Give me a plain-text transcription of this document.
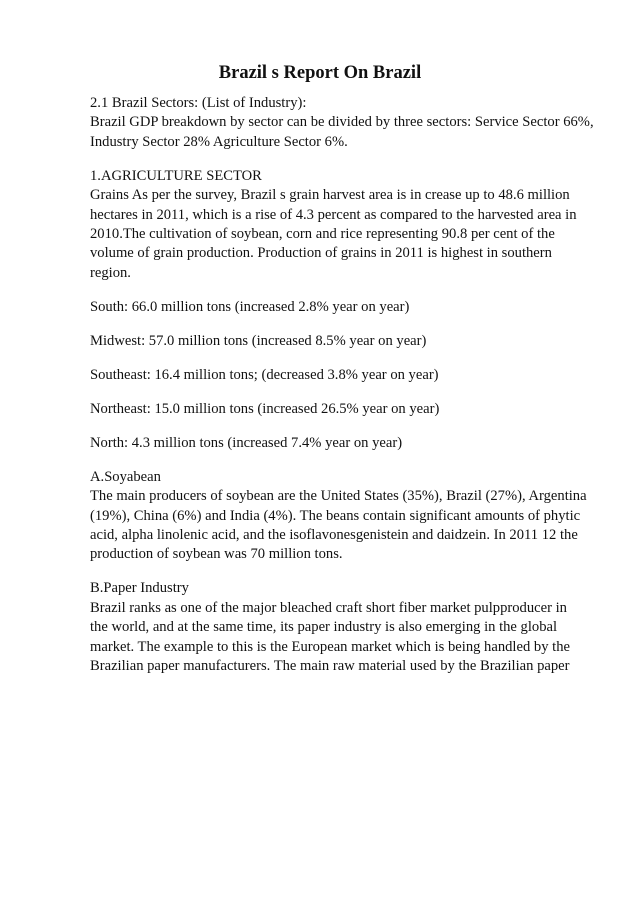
Brazil s Report On Brazil

2.1 Brazil Sectors: (List of Industry):

Brazil GDP breakdown by sector can be divided by three sectors: Service Sector 66%,

Industry Sector 28% Agriculture Sector 6%.

1.AGRICULTURE SECTOR

Grains As per the survey, Brazil s grain harvest area is in crease up to 48.6 million

hectares in 2011, which is a rise of 4.3 percent as compared to the harvested area in

2010.The cultivation of soybean, corn and rice representing 90.8 per cent of the

volume of grain production. Production of grains in 2011 is highest in southern

region.

South: 66.0 million tons (increased 2.8% year on year)

Midwest: 57.0 million tons (increased 8.5% year on year)

Southeast: 16.4 million tons; (decreased 3.8% year on year)

Northeast: 15.0 million tons (increased 26.5% year on year)

North: 4.3 million tons (increased 7.4% year on year)

A.Soyabean

The main producers of soybean are the United States (35%), Brazil (27%), Argentina

(19%), China (6%) and India (4%). The beans contain significant amounts of phytic

acid, alpha linolenic acid, and the isoflavonesgenistein and daidzein. In 2011 12 the

production of soybean was 70 million tons.

B.Paper Industry

Brazil ranks as one of the major bleached craft short fiber market pulpproducer in

the world, and at the same time, its paper industry is also emerging in the global

market. The example to this is the European market which is being handled by the

Brazilian paper manufacturers. The main raw material used by the Brazilian paper
